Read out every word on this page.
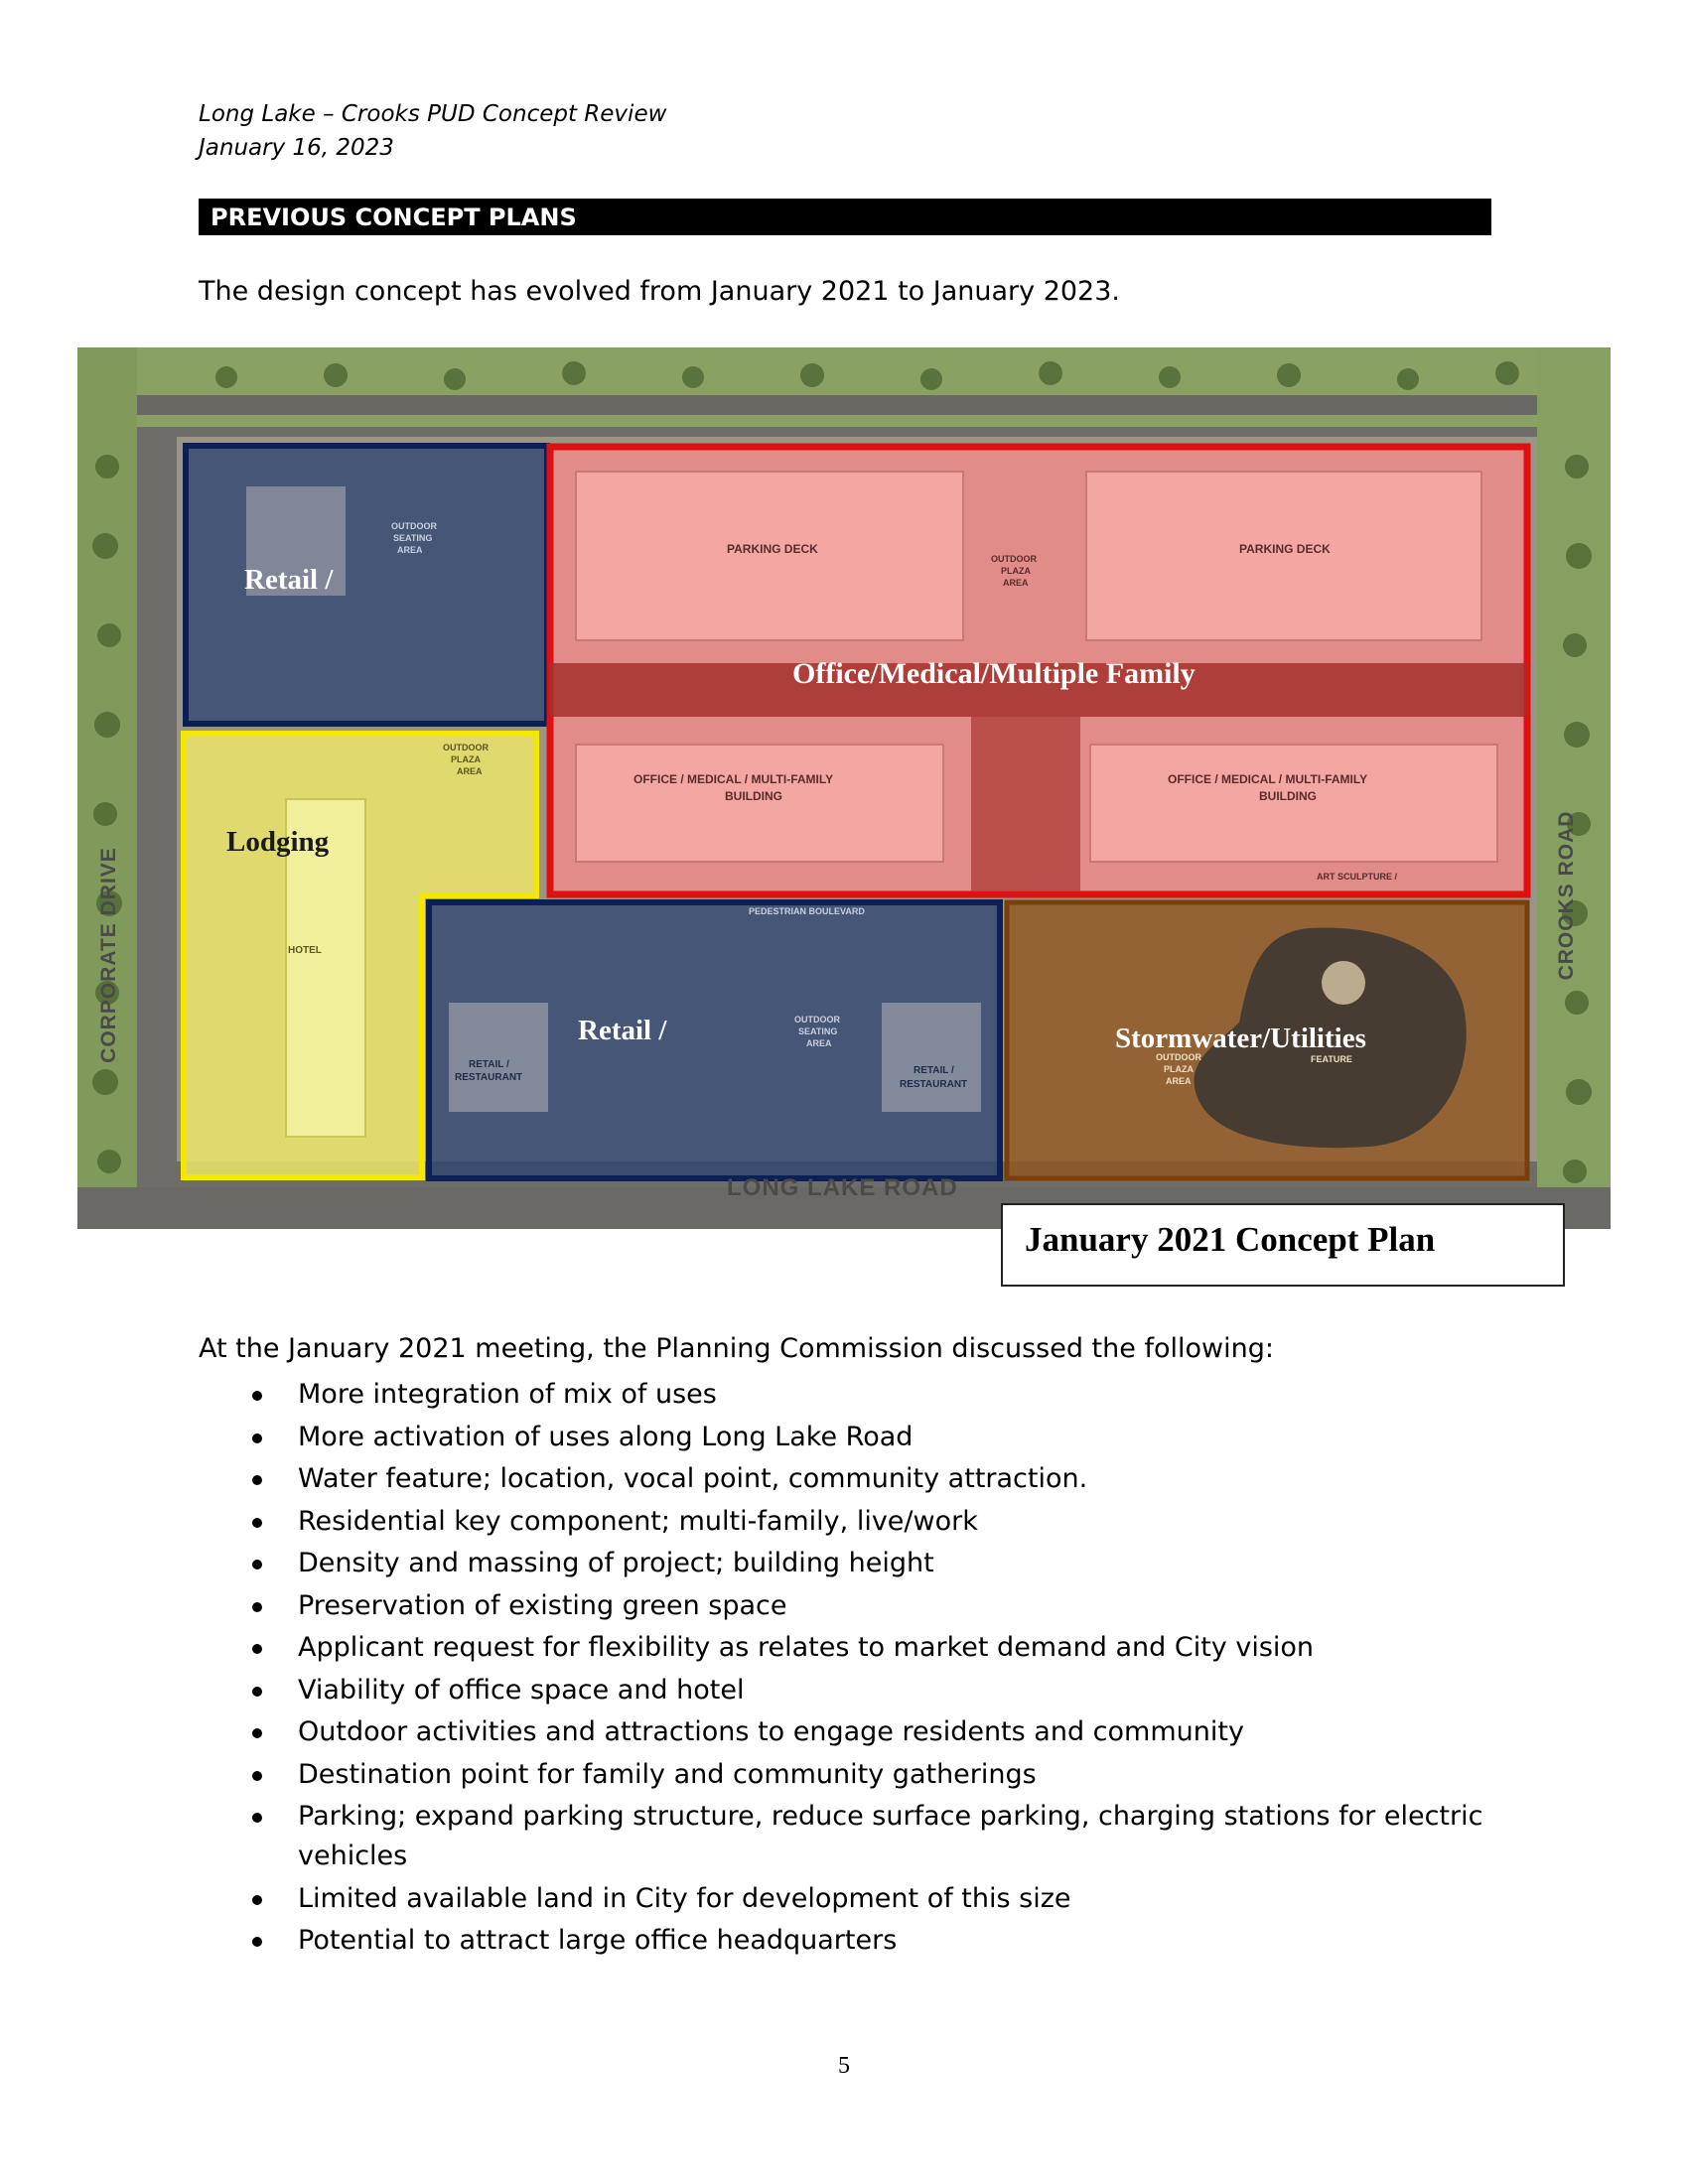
Long Lake – Crooks PUD Concept Review
January 16, 2023
PREVIOUS CONCEPT PLANS
The design concept has evolved from January 2021 to January 2023.
Retail /
Office/Medical/Multiple Family
Lodging
Retail /	Stormwater/Utilities
PARKING DECK	PARKING DECK
OUTDOOR
PLAZA
AREA
OFFICE / MEDICAL / MULTI-FAMILY
BUILDING
OFFICE / MEDICAL / MULTI-FAMILY
BUILDING
ART SCULPTURE /
PEDESTRIAN BOULEVARD
HOTEL
RETAIL /
RESTAURANT
RETAIL /
RESTAURANT
OUTDOOR
SEATING
AREA
OUTDOOR
SEATING
AREA
OUTDOOR
PLAZA
AREA
OUTDOOR
PLAZA
AREA
FEATURE
CORPORATE DRIVE	CROOKS ROAD
LONG LAKE ROAD
January 2021 Concept Plan
At the January 2021 meeting, the Planning Commission discussed the following:
More integration of mix of uses
More activation of uses along Long Lake Road
Water feature; location, vocal point, community attraction.
Residential key component; multi-family, live/work
Density and massing of project; building height
Preservation of existing green space
Applicant request for flexibility as relates to market demand and City vision
Viability of office space and hotel
Outdoor activities and attractions to engage residents and community
Destination point for family and community gatherings
Parking; expand parking structure, reduce surface parking, charging stations for electric vehicles
Limited available land in City for development of this size
Potential to attract large office headquarters
5
